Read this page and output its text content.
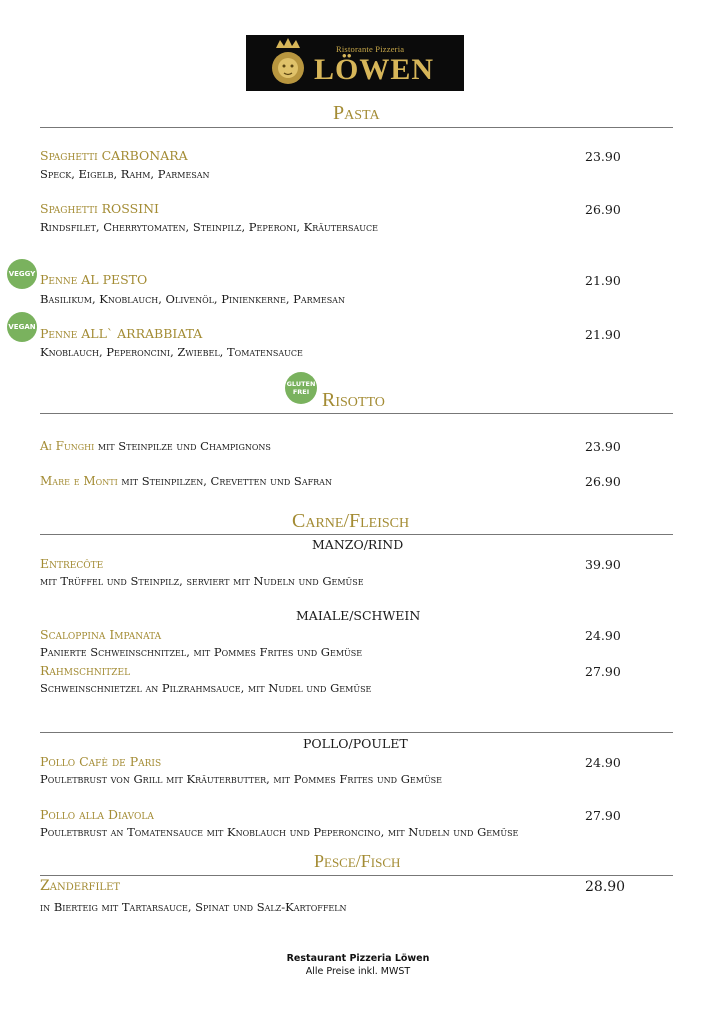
Ristorante Pizzeria
LÖWEN
Pasta
Spaghetti CARBONARA
Speck, Eigelb, Rahm, Parmesan
23.90
Spaghetti ROSSINI
Rindsfilet, Cherrytomaten, Steinpilz, Peperoni, Kräutersauce
26.90
VEGGY Penne AL PESTO
Basilikum, Knoblauch, Olivenöl, Pinienkerne, Parmesan
21.90
VEGAN Penne ALL` ARRABBIATA
Knoblauch, Peperoncini, Zwiebel, Tomatensauce
21.90
GLUTEN FREI Risotto
Ai Funghi mit Steinpilze und Champignons	23.90
Mare e Monti mit Steinpilzen, Crevetten und Safran	26.90
Carne/Fleisch
MANZO/RIND
Entrecôte
mit Trüffel und Steinpilz, serviert mit Nudeln und Gemüse
39.90
MAIALE/SCHWEIN
Scaloppina Impanata
Panierte Schweinschnitzel, mit Pommes Frites und Gemüse
24.90
Rahmschnitzel
Schweinschnietzel an Pilzrahmsauce, mit Nudel und Gemüse
27.90
POLLO/POULET
Pollo Cafè de Paris
Pouletbrust von Grill mit Kräuterbutter, mit Pommes Frites und Gemüse
24.90
Pollo alla Diavola
Pouletbrust an Tomatensauce mit Knoblauch und Peperoncino, mit Nudeln und Gemüse
27.90
Pesce/Fisch
Zanderfilet
in Bierteig mit Tartarsauce, Spinat und Salz-Kartoffeln
28.90
Restaurant Pizzeria Löwen
Alle Preise inkl. MWST
